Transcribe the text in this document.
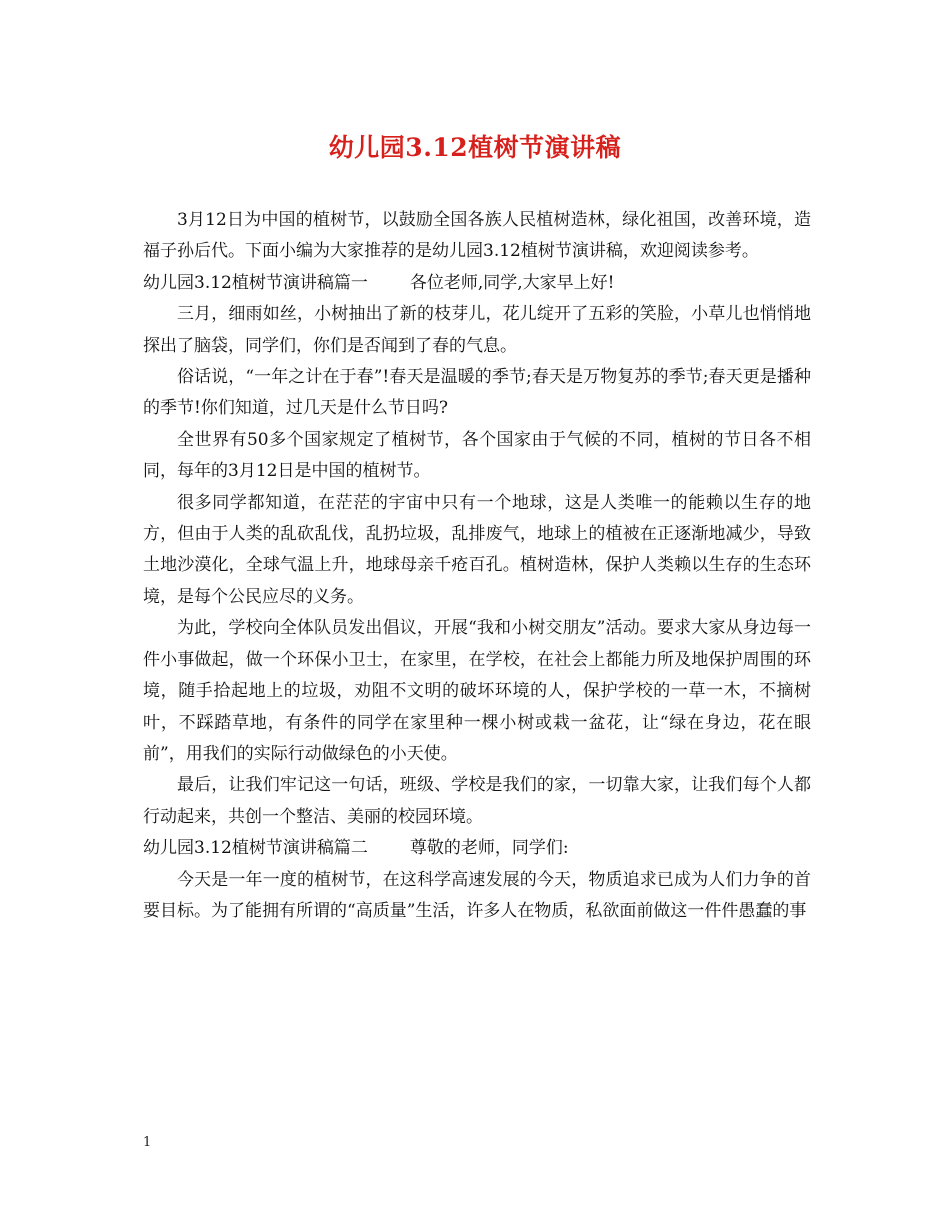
幼儿园3.12植树节演讲稿

3月12日为中国的植树节，以鼓励全国各族人民植树造林，绿化祖国，改善环境，造福子孙后代。下面小编为大家推荐的是幼儿园3.12植树节演讲稿，欢迎阅读参考。

幼儿园3.12植树节演讲稿篇一 各位老师,同学,大家早上好!

三月，细雨如丝，小树抽出了新的枝芽儿，花儿绽开了五彩的笑脸，小草儿也悄悄地探出了脑袋，同学们，你们是否闻到了春的气息。

俗话说，“一年之计在于春”!春天是温暖的季节;春天是万物复苏的季节;春天更是播种的季节!你们知道，过几天是什么节日吗?

全世界有50多个国家规定了植树节，各个国家由于气候的不同，植树的节日各不相同，每年的3月12日是中国的植树节。

很多同学都知道，在茫茫的宇宙中只有一个地球，这是人类唯一的能赖以生存的地方，但由于人类的乱砍乱伐，乱扔垃圾，乱排废气，地球上的植被在正逐渐地减少，导致土地沙漠化，全球气温上升，地球母亲千疮百孔。植树造林，保护人类赖以生存的生态环境，是每个公民应尽的义务。

为此，学校向全体队员发出倡议，开展“我和小树交朋友”活动。要求大家从身边每一件小事做起，做一个环保小卫士，在家里，在学校，在社会上都能力所及地保护周围的环境，随手拾起地上的垃圾，劝阻不文明的破坏环境的人，保护学校的一草一木，不摘树叶，不踩踏草地，有条件的同学在家里种一棵小树或栽一盆花，让“绿在身边，花在眼前”，用我们的实际行动做绿色的小天使。

最后，让我们牢记这一句话，班级、学校是我们的家，一切靠大家，让我们每个人都行动起来，共创一个整洁、美丽的校园环境。

幼儿园3.12植树节演讲稿篇二 尊敬的老师，同学们:

今天是一年一度的植树节，在这科学高速发展的今天，物质追求已成为人们力争的首要目标。为了能拥有所谓的“高质量”生活，许多人在物质，私欲面前做这一件件愚蠢的事

1
